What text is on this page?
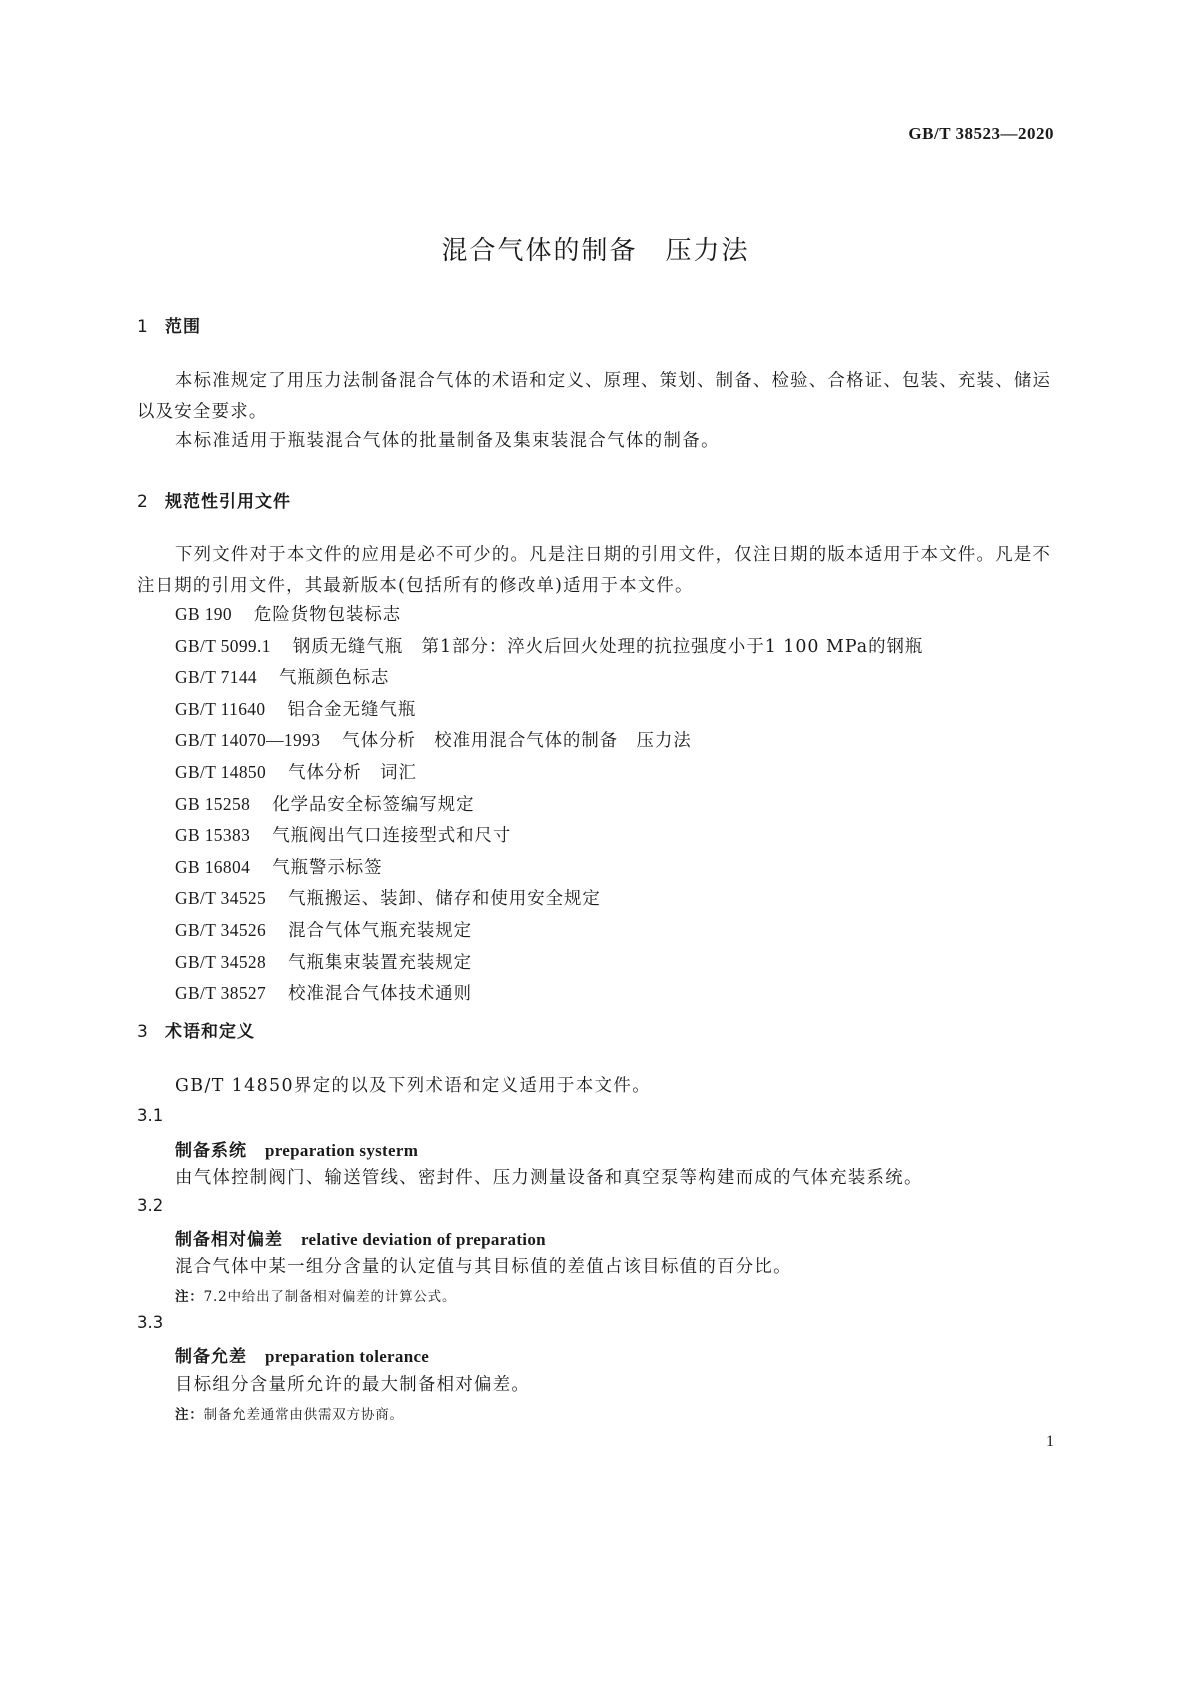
GB/T 38523—2020
混合气体的制备　压力法
1 范围
本标准规定了用压力法制备混合气体的术语和定义、原理、策划、制备、检验、合格证、包装、充装、储运以及安全要求。
本标准适用于瓶装混合气体的批量制备及集束装混合气体的制备。
2 规范性引用文件
下列文件对于本文件的应用是必不可少的。凡是注日期的引用文件，仅注日期的版本适用于本文件。凡是不注日期的引用文件，其最新版本(包括所有的修改单)适用于本文件。
GB 190 危险货物包装标志
GB/T 5099.1 钢质无缝气瓶　第1部分：淬火后回火处理的抗拉强度小于1 100 MPa的钢瓶
GB/T 7144 气瓶颜色标志
GB/T 11640 铝合金无缝气瓶
GB/T 14070—1993 气体分析　校准用混合气体的制备　压力法
GB/T 14850 气体分析　词汇
GB 15258 化学品安全标签编写规定
GB 15383 气瓶阀出气口连接型式和尺寸
GB 16804 气瓶警示标签
GB/T 34525 气瓶搬运、装卸、储存和使用安全规定
GB/T 34526 混合气体气瓶充装规定
GB/T 34528 气瓶集束装置充装规定
GB/T 38527 校准混合气体技术通则
3 术语和定义
GB/T 14850界定的以及下列术语和定义适用于本文件。
3.1
制备系统 preparation systerm
由气体控制阀门、输送管线、密封件、压力测量设备和真空泵等构建而成的气体充装系统。
3.2
制备相对偏差 relative deviation of preparation
混合气体中某一组分含量的认定值与其目标值的差值占该目标值的百分比。
注：7.2中给出了制备相对偏差的计算公式。
3.3
制备允差 preparation tolerance
目标组分含量所允许的最大制备相对偏差。
注：制备允差通常由供需双方协商。
1
